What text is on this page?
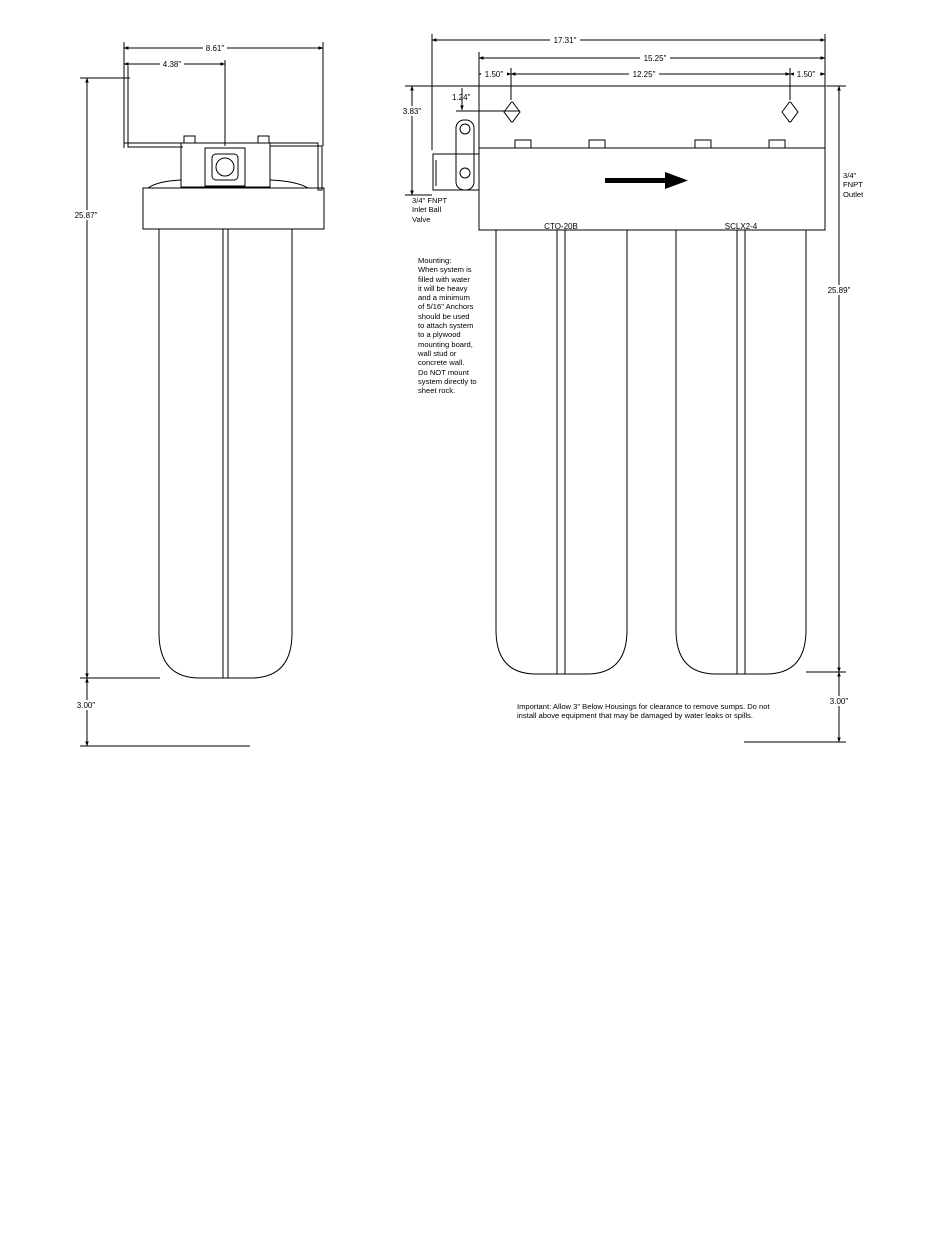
8.61"
4.38"
25.87"
3.00"
17.31"
15.25"
1.50"	12.25"	1.50"
1.24"
3.83"
25.89"
3.00"
CTO-20B	SCLX2-4
3/4" FNPT
Inlet Ball
Valve
3/4"
FNPT
Outlet
Mounting:
When system is
filled with water
it will be heavy
and a minimum
of 5/16" Anchors
should be used
to attach system
to a plywood
mounting board,
wall stud or
concrete wall.
Do NOT mount
system directly to
sheet rock.
Important: Allow 3" Below Housings for clearance to remove sumps. Do not
install above equipment that may be damaged by water leaks or spills.
